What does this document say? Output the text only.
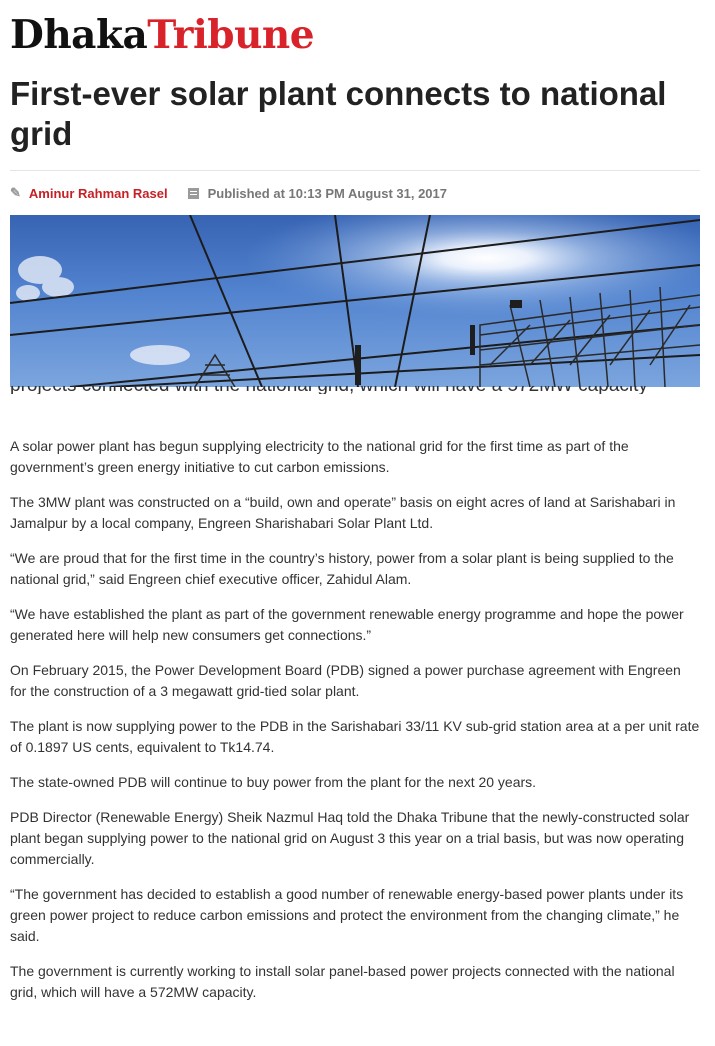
DhakaTribune
First-ever solar plant connects to national grid
✎ Aminur Rahman Rasel	Published at 10:13 PM August 31, 2017

A solar power plant has begun supplying electricity to the national grid for the first time as part of the government’s green energy initiative to cut carbon emissions.

The 3MW plant was constructed on a “build, own and operate” basis on eight acres of land at Sarishabari in Jamalpur by a local company, Engreen Sharishabari Solar Plant Ltd.

“We are proud that for the first time in the country’s history, power from a solar plant is being supplied to the national grid,” said Engreen chief executive officer, Zahidul Alam.

“We have established the plant as part of the government renewable energy programme and hope the power generated here will help new consumers get connections.”

On February 2015, the Power Development Board (PDB) signed a power purchase agreement with Engreen for the construction of a 3 megawatt grid-tied solar plant.

The plant is now supplying power to the PDB in the Sarishabari 33/11 KV sub-grid station area at a per unit rate of 0.1897 US cents, equivalent to Tk14.74.

The state-owned PDB will continue to buy power from the plant for the next 20 years.

PDB Director (Renewable Energy) Sheik Nazmul Haq told the Dhaka Tribune that the newly-constructed solar plant began supplying power to the national grid on August 3 this year on a trial basis, but was now operating commercially.

“The government has decided to establish a good number of renewable energy-based power plants under its green power project to reduce carbon emissions and protect the environment from the changing climate,” he said.

The government is currently working to install solar panel-based power projects connected with the national grid, which will have a 572MW capacity.
